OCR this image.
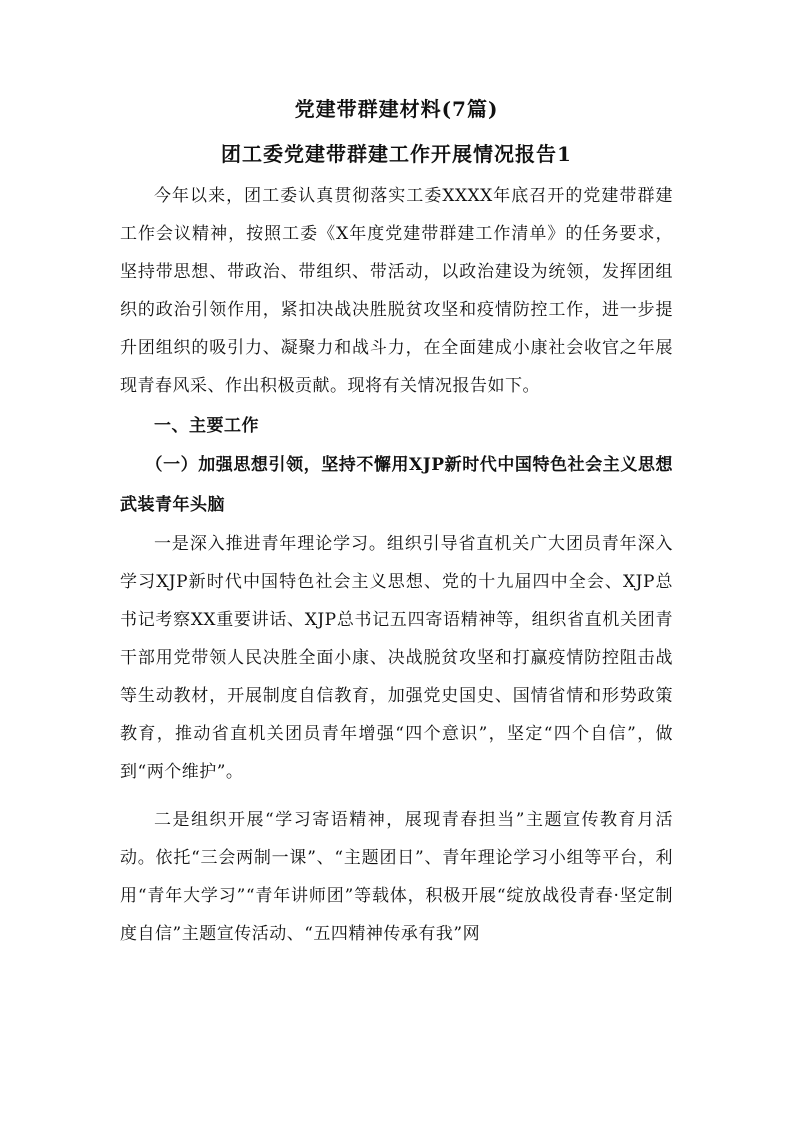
党建带群建材料(7篇)
团工委党建带群建工作开展情况报告1

今年以来，团工委认真贯彻落实工委XXXX年底召开的党建带群建工作会议精神，按照工委《X年度党建带群建工作清单》的任务要求，坚持带思想、带政治、带组织、带活动，以政治建设为统领，发挥团组织的政治引领作用，紧扣决战决胜脱贫攻坚和疫情防控工作，进一步提升团组织的吸引力、凝聚力和战斗力，在全面建成小康社会收官之年展现青春风采、作出积极贡献。现将有关情况报告如下。

一、主要工作

（一）加强思想引领，坚持不懈用XJP新时代中国特色社会主义思想武装青年头脑

一是深入推进青年理论学习。组织引导省直机关广大团员青年深入学习XJP新时代中国特色社会主义思想、党的十九届四中全会、XJP总书记考察XX重要讲话、XJP总书记五四寄语精神等，组织省直机关团青干部用党带领人民决胜全面小康、决战脱贫攻坚和打赢疫情防控阻击战等生动教材，开展制度自信教育，加强党史国史、国情省情和形势政策教育，推动省直机关团员青年增强“四个意识”，坚定“四个自信”，做到“两个维护”。

二是组织开展“学习寄语精神，展现青春担当”主题宣传教育月活动。依托“三会两制一课”、“主题团日”、青年理论学习小组等平台，利用“青年大学习”“青年讲师团”等载体，积极开展“绽放战役青春·坚定制度自信”主题宣传活动、“五四精神传承有我”网
